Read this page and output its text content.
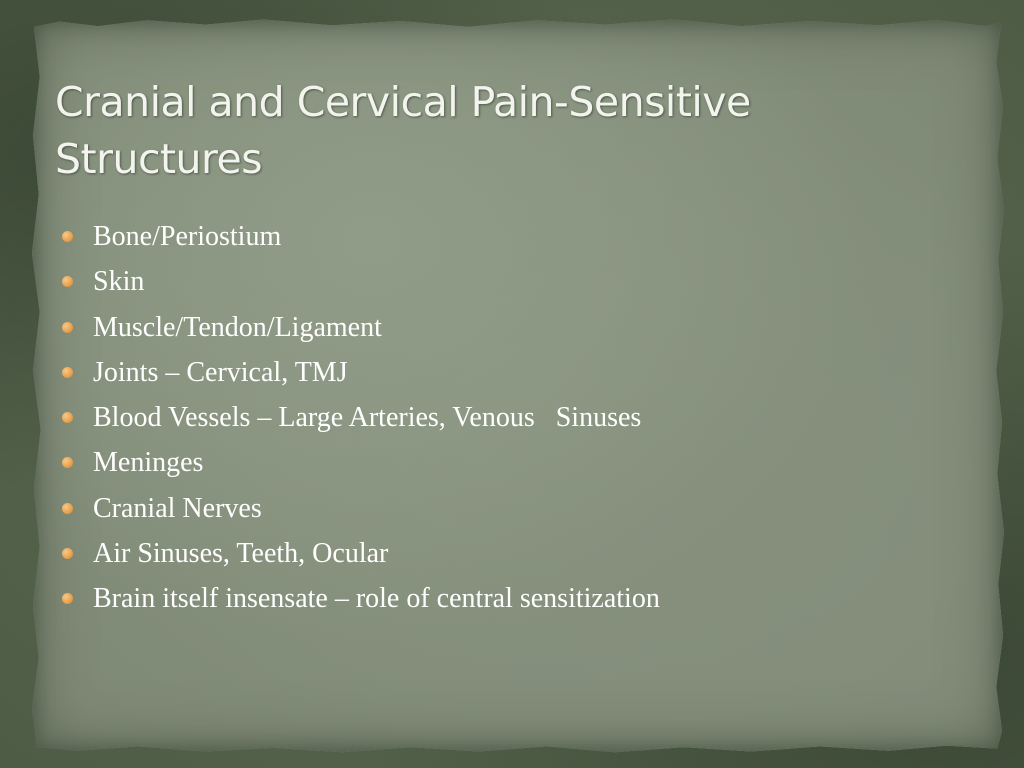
Cranial and Cervical Pain-Sensitive Structures
Bone/Periostium
Skin
Muscle/Tendon/Ligament
Joints – Cervical, TMJ
Blood Vessels – Large Arteries, Venous   Sinuses
Meninges
Cranial Nerves
Air Sinuses, Teeth, Ocular
Brain itself insensate – role of central sensitization
